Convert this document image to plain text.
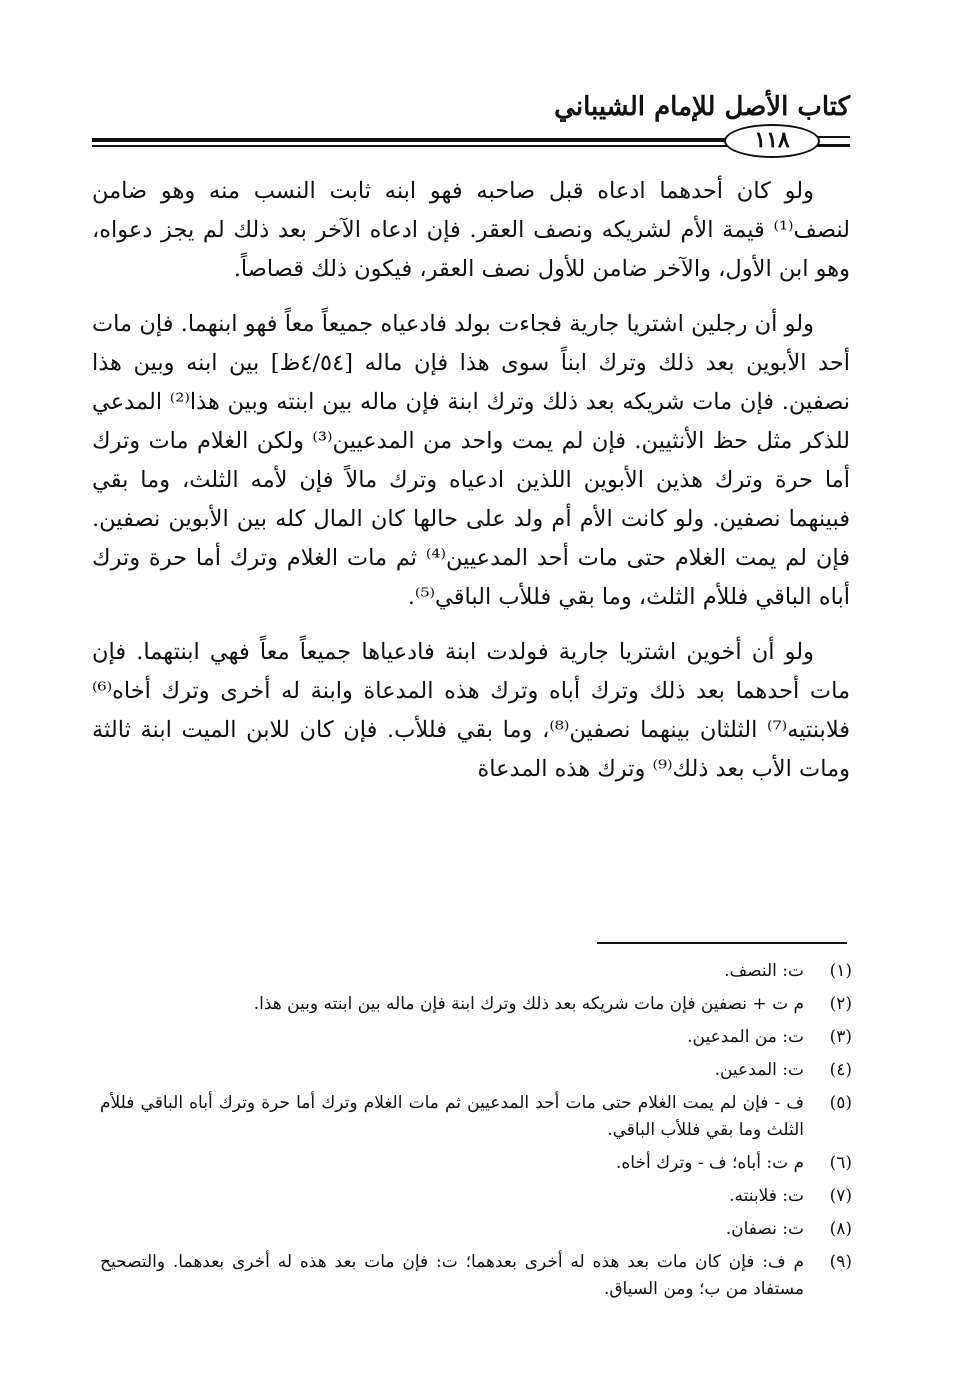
كتاب الأصل للإمام الشيباني
١١٨

ولو كان أحدهما ادعاه قبل صاحبه فهو ابنه ثابت النسب منه وهو ضامن لنصف⁽¹⁾ قيمة الأم لشريكه ونصف العقر. فإن ادعاه الآخر بعد ذلك لم يجز دعواه، وهو ابن الأول، والآخر ضامن للأول نصف العقر، فيكون ذلك قصاصاً.

ولو أن رجلين اشتريا جارية فجاءت بولد فادعياه جميعاً معاً فهو ابنهما. فإن مات أحد الأبوين بعد ذلك وترك ابناً سوى هذا فإن ماله [٤/٥٤ظ] بين ابنه وبين هذا نصفين. فإن مات شريكه بعد ذلك وترك ابنة فإن ماله بين ابنته وبين هذا⁽²⁾ المدعي للذكر مثل حظ الأنثيين. فإن لم يمت واحد من المدعيين⁽³⁾ ولكن الغلام مات وترك أما حرة وترك هذين الأبوين اللذين ادعياه وترك مالاً فإن لأمه الثلث، وما بقي فبينهما نصفين. ولو كانت الأم أم ولد على حالها كان المال كله بين الأبوين نصفين. فإن لم يمت الغلام حتى مات أحد المدعيين⁽⁴⁾ ثم مات الغلام وترك أما حرة وترك أباه الباقي فللأم الثلث، وما بقي فللأب الباقي⁽⁵⁾.

ولو أن أخوين اشتريا جارية فولدت ابنة فادعياها جميعاً معاً فهي ابنتهما. فإن مات أحدهما بعد ذلك وترك أباه وترك هذه المدعاة وابنة له أخرى وترك أخاه⁽⁶⁾ فلابنتيه⁽⁷⁾ الثلثان بينهما نصفين⁽⁸⁾، وما بقي فللأب. فإن كان للابن الميت ابنة ثالثة ومات الأب بعد ذلك⁽⁹⁾ وترك هذه المدعاة

(١)
ت: النصف.
(٢)
م ت + نصفين فإن مات شريكه بعد ذلك وترك ابنة فإن ماله بين ابنته وبين هذا.
(٣)
ت: من المدعين.
(٤)
ت: المدعين.
(٥)
ف - فإن لم يمت الغلام حتى مات أحد المدعيين ثم مات الغلام وترك أما حرة وترك أباه الباقي فللأم الثلث وما بقي فللأب الباقي.
(٦)
م ت: أباه؛ ف - وترك أخاه.
(٧)
ت: فلابنته.
(٨)
ت: نصفان.
(٩)
م ف: فإن كان مات بعد هذه له أخرى بعدهما؛ ت: فإن مات بعد هذه له أخرى بعدهما. والتصحيح مستفاد من ب؛ ومن السياق.
